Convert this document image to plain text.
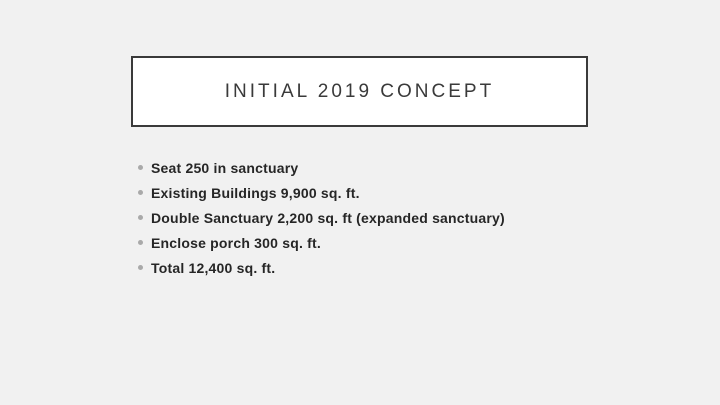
INITIAL 2019 CONCEPT
Seat 250 in sanctuary
Existing Buildings 9,900 sq. ft.
Double Sanctuary 2,200 sq. ft (expanded sanctuary)
Enclose porch 300 sq. ft.
Total 12,400 sq. ft.
